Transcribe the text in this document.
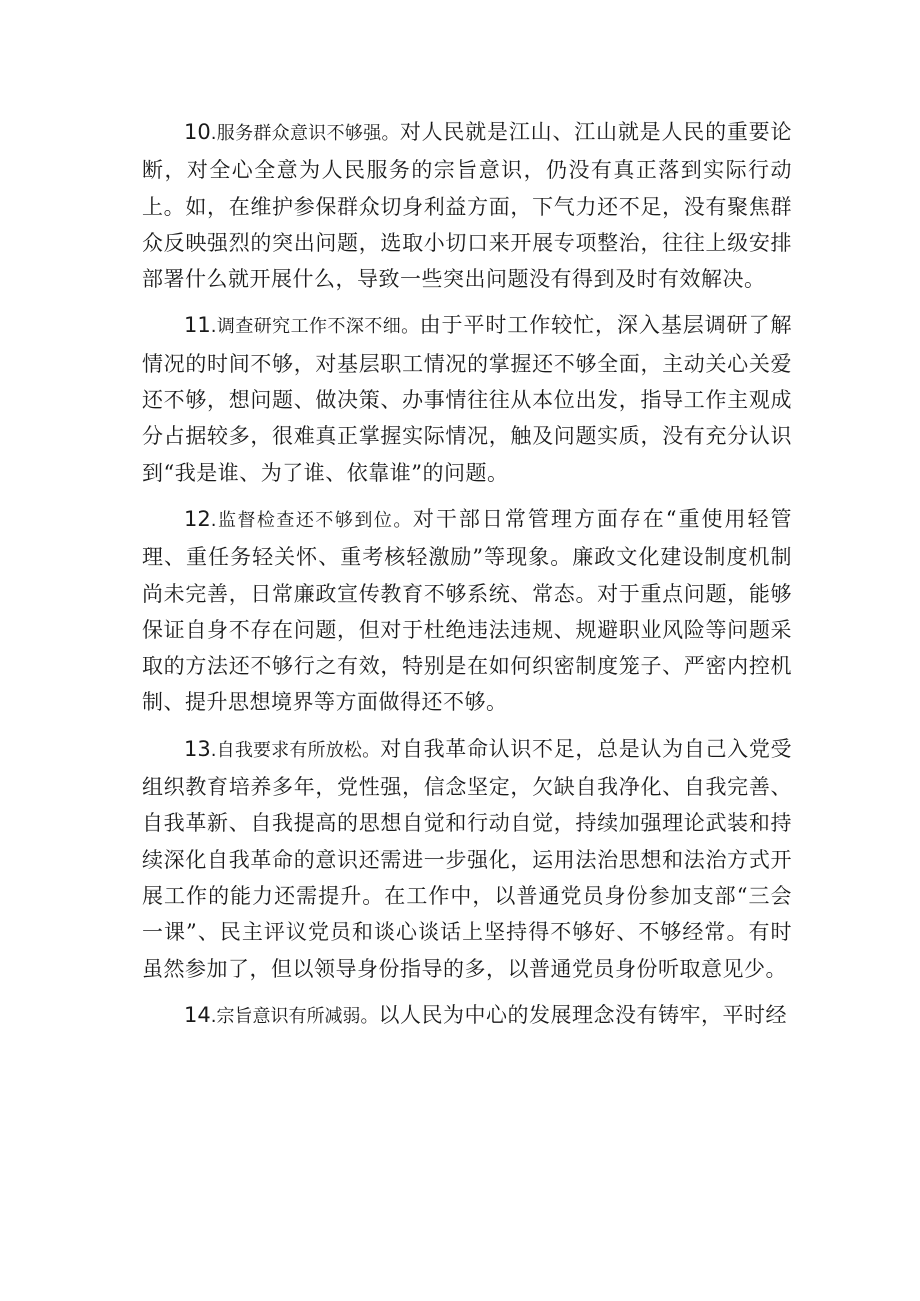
10.服务群众意识不够强。对人民就是江山、江山就是人民的重要论断，对全心全意为人民服务的宗旨意识，仍没有真正落到实际行动上。如，在维护参保群众切身利益方面，下气力还不足，没有聚焦群众反映强烈的突出问题，选取小切口来开展专项整治，往往上级安排部署什么就开展什么，导致一些突出问题没有得到及时有效解决。

11.调查研究工作不深不细。由于平时工作较忙，深入基层调研了解情况的时间不够，对基层职工情况的掌握还不够全面，主动关心关爱还不够，想问题、做决策、办事情往往从本位出发，指导工作主观成分占据较多，很难真正掌握实际情况，触及问题实质，没有充分认识到“我是谁、为了谁、依靠谁”的问题。

12.监督检查还不够到位。对干部日常管理方面存在“重使用轻管理、重任务轻关怀、重考核轻激励”等现象。廉政文化建设制度机制尚未完善，日常廉政宣传教育不够系统、常态。对于重点问题，能够保证自身不存在问题，但对于杜绝违法违规、规避职业风险等问题采取的方法还不够行之有效，特别是在如何织密制度笼子、严密内控机制、提升思想境界等方面做得还不够。

13.自我要求有所放松。对自我革命认识不足，总是认为自己入党受组织教育培养多年，党性强，信念坚定，欠缺自我净化、自我完善、自我革新、自我提高的思想自觉和行动自觉，持续加强理论武装和持续深化自我革命的意识还需进一步强化，运用法治思想和法治方式开展工作的能力还需提升。在工作中，以普通党员身份参加支部“三会一课”、民主评议党员和谈心谈话上坚持得不够好、不够经常。有时虽然参加了，但以领导身份指导的多，以普通党员身份听取意见少。

14.宗旨意识有所减弱。以人民为中心的发展理念没有铸牢，平时经
